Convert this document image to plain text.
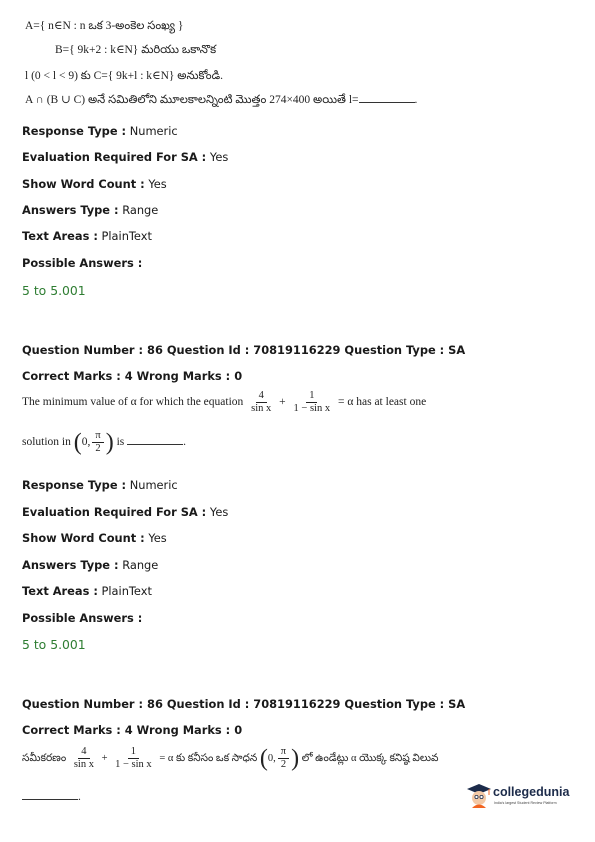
A={ n∈N : n ఒక 3-అంకెల సంఖ్య }
B={ 9k+2 : k∈N} మరియు ఒకానొక
l (0 < l < 9) కు C={ 9k+l : k∈N} అనుకోండి.
A ∩ (B ∪ C) అనే సమితిలోని మూలకాలన్నింటి మొత్తం 274×400 అయితే l=	.
Response Type : Numeric
Evaluation Required For SA : Yes
Show Word Count : Yes
Answers Type : Range
Text Areas : PlainText
Possible Answers :
5 to 5.001
Question Number : 86 Question Id : 70819116229 Question Type : SA
Correct Marks : 4 Wrong Marks : 0
The minimum value of α for which the equation $\frac{4}{\text{sin x}} + \frac{1}{\text{1 − sin x}} = \alpha$ has at least one
solution in (0, $\frac{\pi}{2}$ ) is	.
Response Type : Numeric
Evaluation Required For SA : Yes
Show Word Count : Yes
Answers Type : Range
Text Areas : PlainText
Possible Answers :
5 to 5.001
Question Number : 86 Question Id : 70819116229 Question Type : SA
Correct Marks : 4 Wrong Marks : 0
సమీకరణం $\frac{4}{\text{sin x}} + \frac{1}{\text{1 − sin x}} = \alpha$ కు కనీసం ఒక సాధన (0, $\frac{\pi}{2}$ ) లో ఉండేట్లు α యొక్క కనిష్ఠ విలువ
.	collegedunia
India's largest Student Review Platform
